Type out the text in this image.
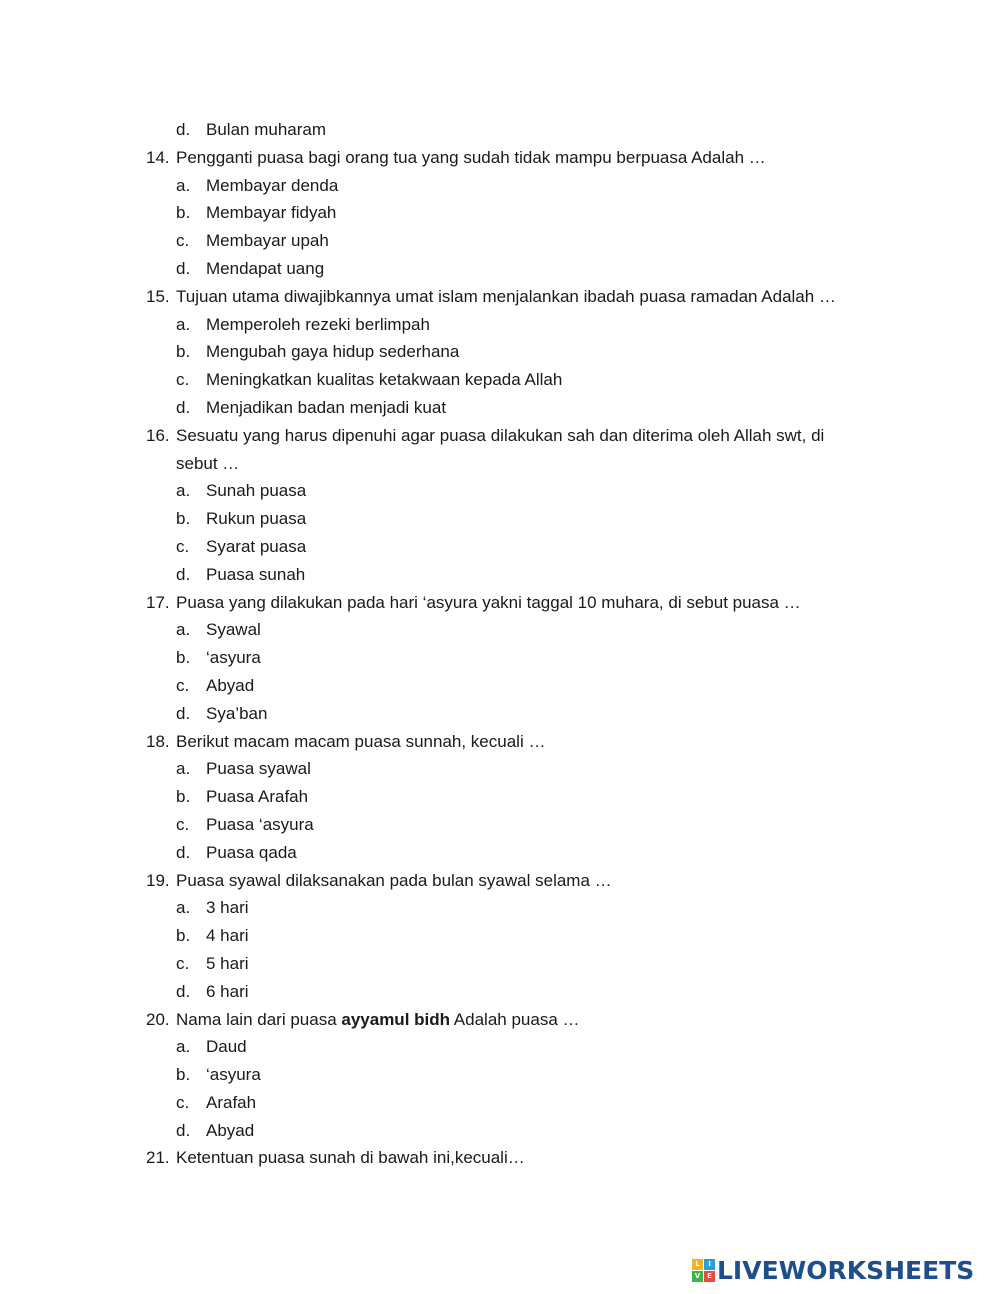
d. Bulan muharam
14. Pengganti puasa bagi orang tua yang sudah tidak mampu berpuasa Adalah …
a. Membayar denda
b. Membayar fidyah
c. Membayar upah
d. Mendapat uang
15. Tujuan utama diwajibkannya umat islam menjalankan ibadah puasa ramadan Adalah …
a. Memperoleh rezeki berlimpah
b. Mengubah gaya hidup sederhana
c. Meningkatkan kualitas ketakwaan kepada Allah
d. Menjadikan badan menjadi kuat
16. Sesuatu yang harus dipenuhi agar puasa dilakukan sah dan diterima oleh Allah swt, di
sebut …
a. Sunah puasa
b. Rukun puasa
c. Syarat puasa
d. Puasa sunah
17. Puasa yang dilakukan pada hari ‘asyura yakni taggal 10 muhara, di sebut puasa …
a. Syawal
b. ‘asyura
c. Abyad
d. Sya’ban
18. Berikut macam macam puasa sunnah, kecuali …
a. Puasa syawal
b. Puasa Arafah
c. Puasa ‘asyura
d. Puasa qada
19. Puasa syawal dilaksanakan pada bulan syawal selama …
a. 3 hari
b. 4 hari
c. 5 hari
d. 6 hari
20. Nama lain dari puasa ayyamul bidh Adalah puasa …
a. Daud
b. ‘asyura
c. Arafah
d. Abyad
21. Ketentuan puasa sunah di bawah ini,kecuali…
L	I
V E LIVEWORKSHEETS
